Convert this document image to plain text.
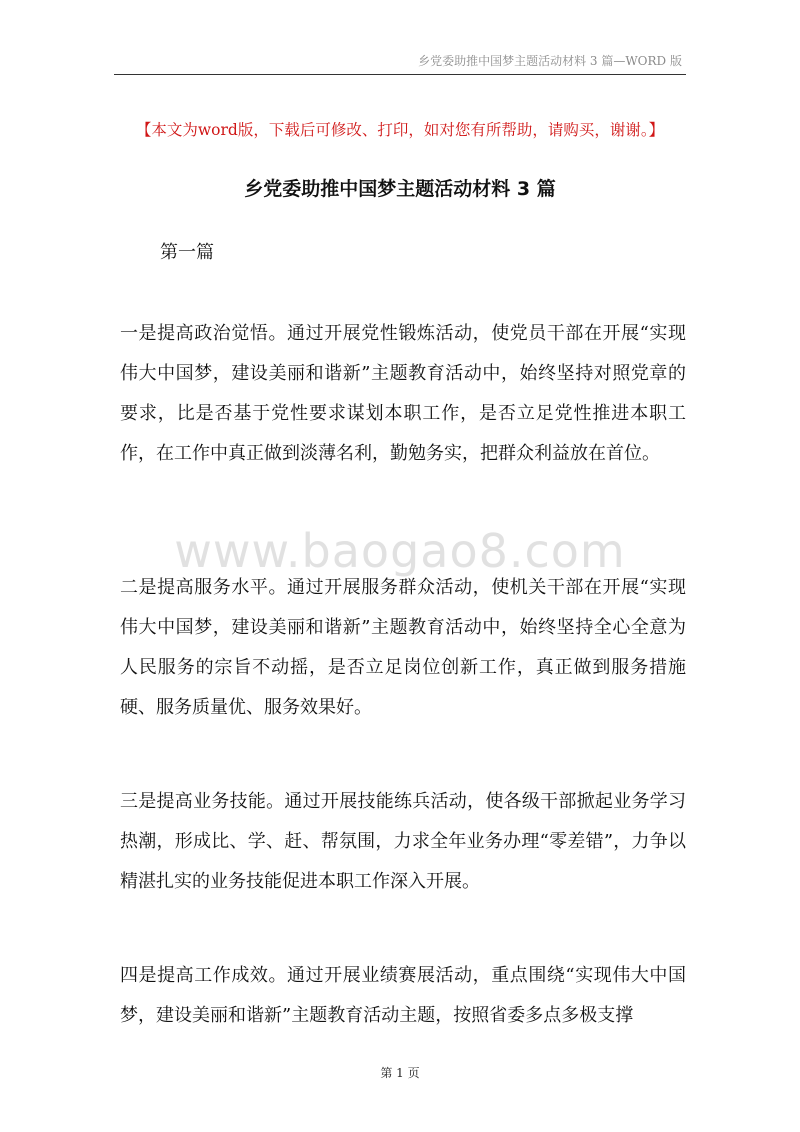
乡党委助推中国梦主题活动材料 3 篇—WORD 版
【本文为word版，下载后可修改、打印，如对您有所帮助，请购买，谢谢。】
乡党委助推中国梦主题活动材料 3 篇
第一篇
一是提高政治觉悟。通过开展党性锻炼活动，使党员干部在开展“实现伟大中国梦，建设美丽和谐新”主题教育活动中，始终坚持对照党章的要求，比是否基于党性要求谋划本职工作，是否立足党性推进本职工作，在工作中真正做到淡薄名利，勤勉务实，把群众利益放在首位。
www.baogao8.com
二是提高服务水平。通过开展服务群众活动，使机关干部在开展“实现伟大中国梦，建设美丽和谐新”主题教育活动中，始终坚持全心全意为人民服务的宗旨不动摇，是否立足岗位创新工作，真正做到服务措施硬、服务质量优、服务效果好。
三是提高业务技能。通过开展技能练兵活动，使各级干部掀起业务学习热潮，形成比、学、赶、帮氛围，力求全年业务办理“零差错”，力争以精湛扎实的业务技能促进本职工作深入开展。
四是提高工作成效。通过开展业绩赛展活动，重点围绕“实现伟大中国梦，建设美丽和谐新”主题教育活动主题，按照省委多点多极支撑
第 1 页
